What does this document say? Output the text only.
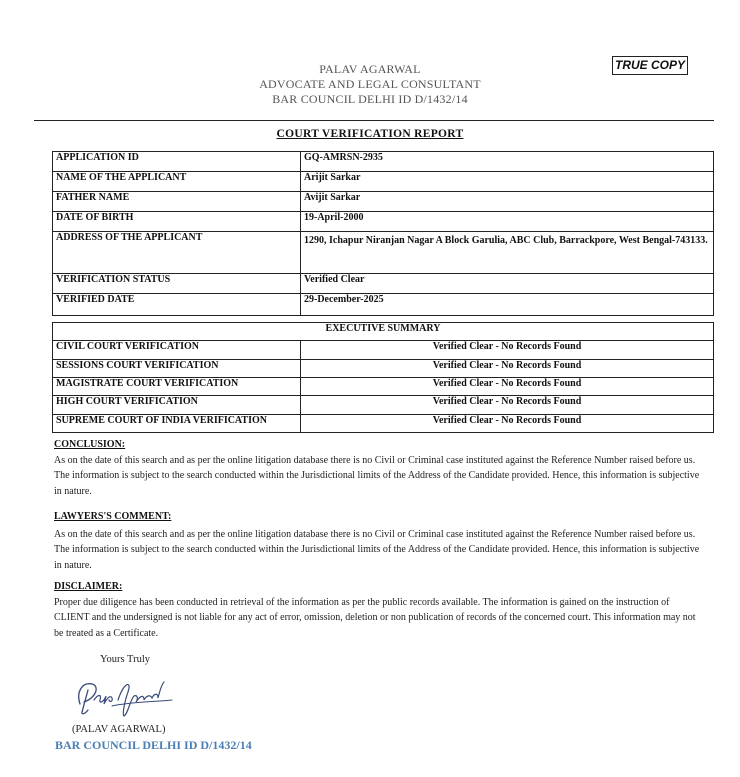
TRUE COPY
PALAV AGARWAL
ADVOCATE AND LEGAL CONSULTANT
BAR COUNCIL DELHI ID D/1432/14
COURT VERIFICATION REPORT
APPLICATION ID	GQ-AMRSN-2935
NAME OF THE APPLICANT	Arijit Sarkar
FATHER NAME	Avijit Sarkar
DATE OF BIRTH	19-April-2000
ADDRESS OF THE APPLICANT	1290, Ichapur Niranjan Nagar A Block Garulia, ABC Club, Barrackpore, West Bengal-743133.
VERIFICATION STATUS	Verified Clear
VERIFIED DATE	29-December-2025
EXECUTIVE SUMMARY	
CIVIL COURT VERIFICATION	Verified Clear - No Records Found
SESSIONS COURT VERIFICATION	Verified Clear - No Records Found
MAGISTRATE COURT VERIFICATION	Verified Clear - No Records Found
HIGH COURT VERIFICATION	Verified Clear - No Records Found
SUPREME COURT OF INDIA VERIFICATION	Verified Clear - No Records Found
CONCLUSION:
As on the date of this search and as per the online litigation database there is no Civil or Criminal case instituted against the Reference Number raised before us. The information is subject to the search conducted within the Jurisdictional limits of the Address of the Candidate provided. Hence, this information is subjective in nature.
LAWYERS'S COMMENT:
As on the date of this search and as per the online litigation database there is no Civil or Criminal case instituted against the Reference Number raised before us. The information is subject to the search conducted within the Jurisdictional limits of the Address of the Candidate provided. Hence, this information is subjective in nature.
DISCLAIMER:
Proper due diligence has been conducted in retrieval of the information as per the public records available. The information is gained on the instruction of CLIENT and the undersigned is not liable for any act of error, omission, deletion or non publication of records of the concerned court. This information may not be treated as a Certificate.
Yours Truly
(PALAV AGARWAL)
BAR COUNCIL DELHI ID D/1432/14
